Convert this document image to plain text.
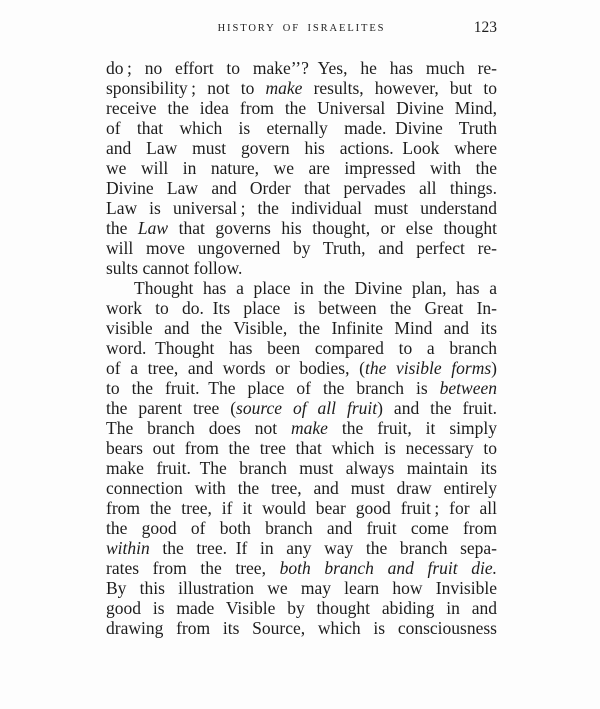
HISTORY OF ISRAELITES	123
do ; no effort to make’’? Yes, he has much re-
sponsibility ; not to make results, however, but to
receive the idea from the Universal Divine Mind,
of that which is eternally made. Divine Truth
and Law must govern his actions. Look where
we will in nature, we are impressed with the
Divine Law and Order that pervades all things.
Law is universal ; the individual must understand
the Law that governs his thought, or else thought
will move ungoverned by Truth, and perfect re-
sults cannot follow.
Thought has a place in the Divine plan, has a
work to do. Its place is between the Great In-
visible and the Visible, the Infinite Mind and its
word. Thought has been compared to a branch
of a tree, and words or bodies, (the visible forms)
to the fruit. The place of the branch is between
the parent tree (source of all fruit) and the fruit.
The branch does not make the fruit, it simply
bears out from the tree that which is necessary to
make fruit. The branch must always maintain its
connection with the tree, and must draw entirely
from the tree, if it would bear good fruit ; for all
the good of both branch and fruit come from
within the tree. If in any way the branch sepa-
rates from the tree, both branch and fruit die.
By this illustration we may learn how Invisible
good is made Visible by thought abiding in and
drawing from its Source, which is consciousness
